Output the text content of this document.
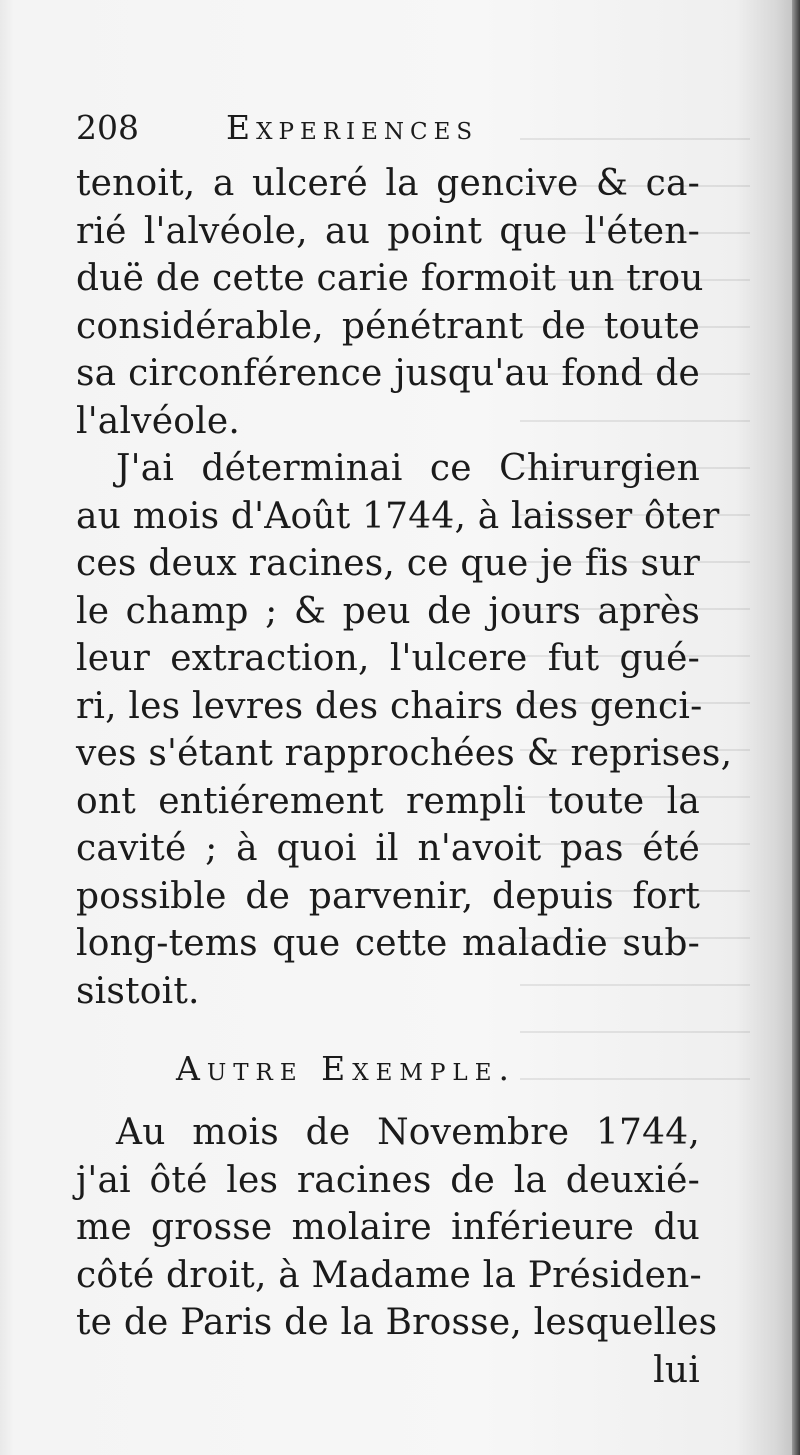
208	Experiences
tenoit, a ulceré la gencive & ca-
rié l'alvéole, au point que l'éten-
duë de cette carie formoit un trou
considérable, pénétrant de toute
sa circonférence jusqu'au fond de
l'alvéole.
J'ai déterminai ce Chirurgien
au mois d'Août 1744, à laisser ôter
ces deux racines, ce que je fis sur
le champ ; & peu de jours après
leur extraction, l'ulcere fut gué-
ri, les levres des chairs des genci-
ves s'étant rapprochées & reprises,
ont entiérement rempli toute la
cavité ; à quoi il n'avoit pas été
possible de parvenir, depuis fort
long-tems que cette maladie sub-
sistoit.
Autre Exemple.
Au mois de Novembre 1744,
j'ai ôté les racines de la deuxié-
me grosse molaire inférieure du
côté droit, à Madame la Présiden-
te de Paris de la Brosse, lesquelles
lui
